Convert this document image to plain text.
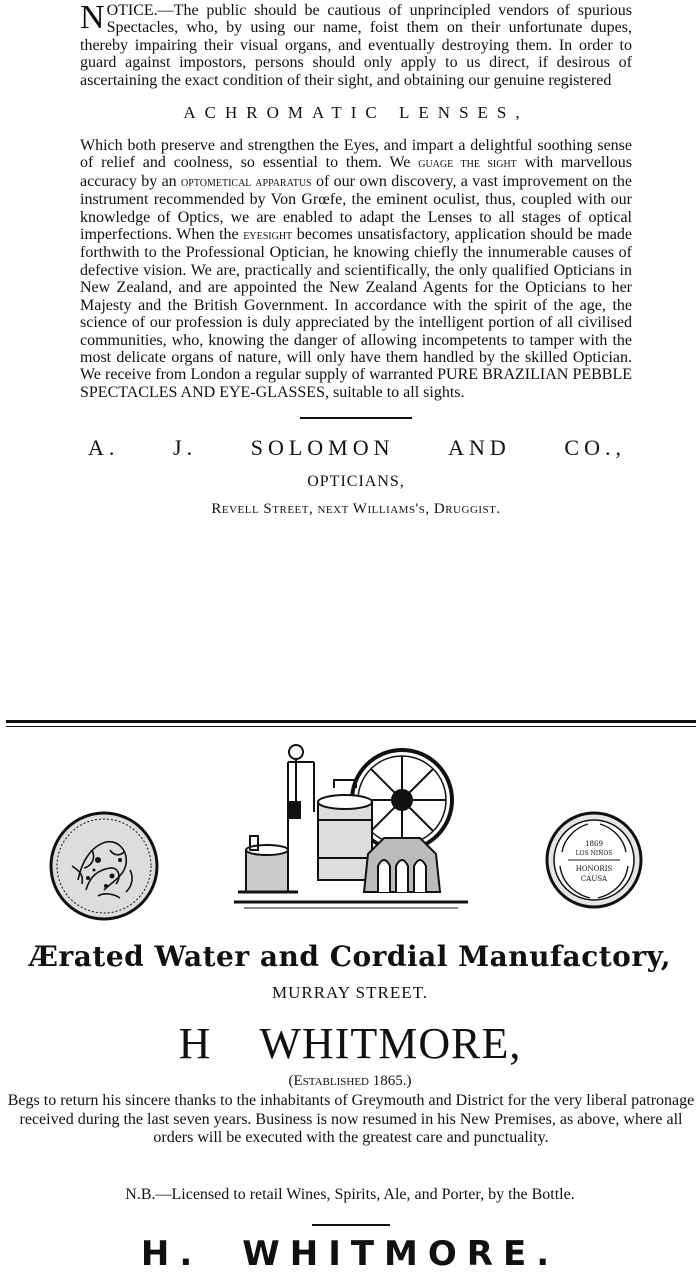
NOTICE.—The public should be cautious of unprincipled vendors of spurious Spectacles, who, by using our name, foist them on their unfortunate dupes, thereby impairing their visual organs, and eventually destroying them. In order to guard against impostors, persons should only apply to us direct, if desirous of ascertaining the exact condition of their sight, and obtaining our genuine registered

ACHROMATIC LENSES,

Which both preserve and strengthen the Eyes, and impart a delightful soothing sense of relief and coolness, so essential to them. We guage the sight with marvellous accuracy by an optometical apparatus of our own discovery, a vast improvement on the instrument recommended by Von Grœfe, the eminent oculist, thus, coupled with our knowledge of Optics, we are enabled to adapt the Lenses to all stages of optical imperfections. When the eyesight becomes unsatisfactory, application should be made forthwith to the Professional Optician, he knowing chiefly the innumerable causes of defective vision. We are, practically and scientifically, the only qualified Opticians in New Zealand, and are appointed the New Zealand Agents for the Opticians to her Majesty and the British Government. In accordance with the spirit of the age, the science of our profession is duly appreciated by the intelligent portion of all civilised communities, who, knowing the danger of allowing incompetents to tamper with the most delicate organs of nature, will only have them handled by the skilled Optician. We receive from London a regular supply of warranted PURE BRAZILIAN PEBBLE SPECTACLES AND EYE-GLASSES, suitable to all sights.

A. J. SOLOMON AND CO.,
OPTICIANS,
Revell Street, next Williams's, Druggist.
1869
LOS NIÑOS
HONORIS
CAUSA
Ærated Water and Cordial Manufactory,
MURRAY STREET.
H WHITMORE,
(Established 1865.)
Begs to return his sincere thanks to the inhabitants of Greymouth and District for the very liberal patronage received during the last seven years. Business is now resumed in his New Premises, as above, where all orders will be executed with the greatest care and punctuality.
N.B.—Licensed to retail Wines, Spirits, Ale, and Porter, by the Bottle.
H. WHITMORE.
